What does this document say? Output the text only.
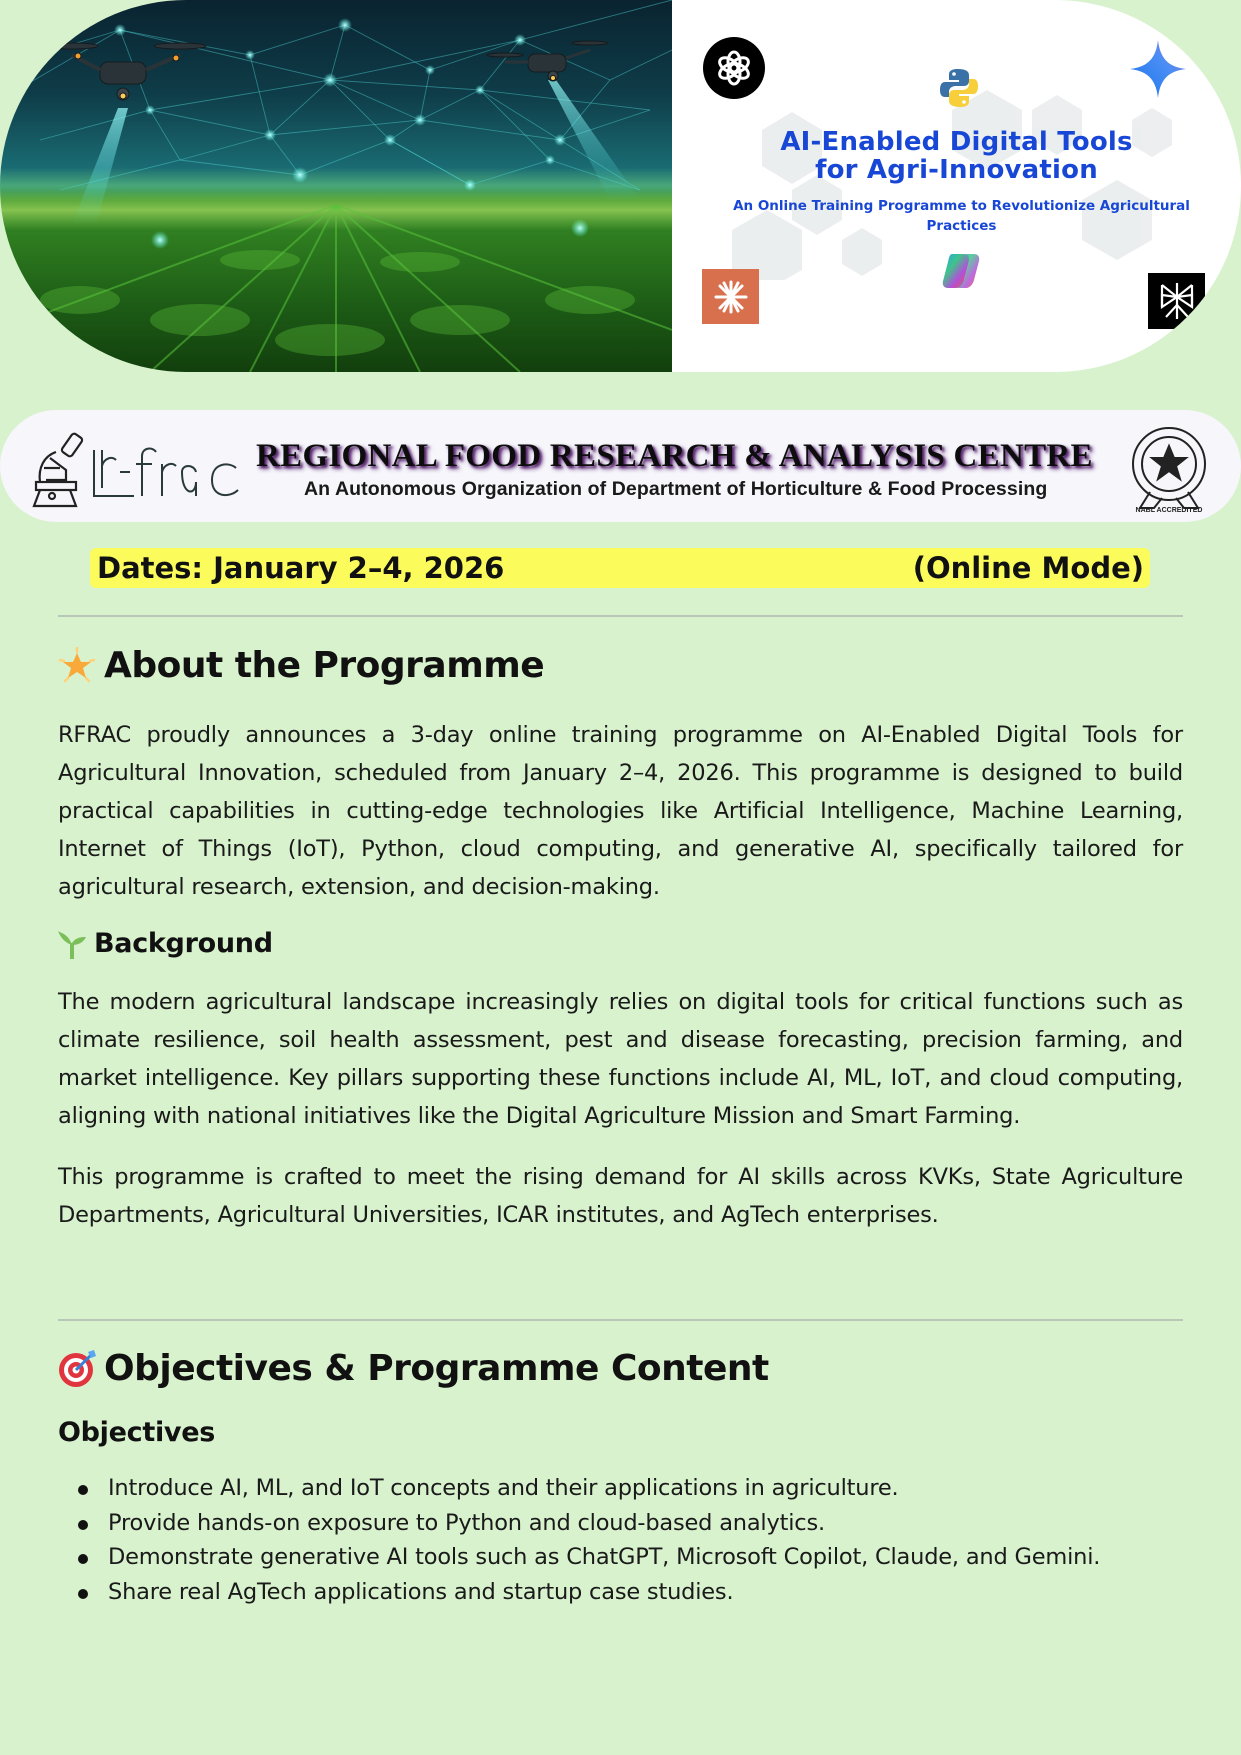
AI-Enabled Digital Tools
for Agri-Innovation
An Online Training Programme to Revolutionize Agricultural Practices
REGIONAL FOOD RESEARCH & ANALYSIS CENTRE
An Autonomous Organization of Department of Horticulture & Food Processing
NABL ACCREDITED
Dates: January 2–4, 2026	(Online Mode)
About the Programme

RFRAC proudly announces a 3-day online training programme on AI-Enabled Digital Tools for Agricultural Innovation, scheduled from January 2–4, 2026. This programme is designed to build practical capabilities in cutting-edge technologies like Artificial Intelligence, Machine Learning, Internet of Things (IoT), Python, cloud computing, and generative AI, specifically tailored for agricultural research, extension, and decision-making.

Background

The modern agricultural landscape increasingly relies on digital tools for critical functions such as climate resilience, soil health assessment, pest and disease forecasting, precision farming, and market intelligence. Key pillars supporting these functions include AI, ML, IoT, and cloud computing, aligning with national initiatives like the Digital Agriculture Mission and Smart Farming.

This programme is crafted to meet the rising demand for AI skills across KVKs, State Agriculture Departments, Agricultural Universities, ICAR institutes, and AgTech enterprises.

Objectives & Programme Content
Objectives
Introduce AI, ML, and IoT concepts and their applications in agriculture.
Provide hands-on exposure to Python and cloud-based analytics.
Demonstrate generative AI tools such as ChatGPT, Microsoft Copilot, Claude, and Gemini.
Share real AgTech applications and startup case studies.
